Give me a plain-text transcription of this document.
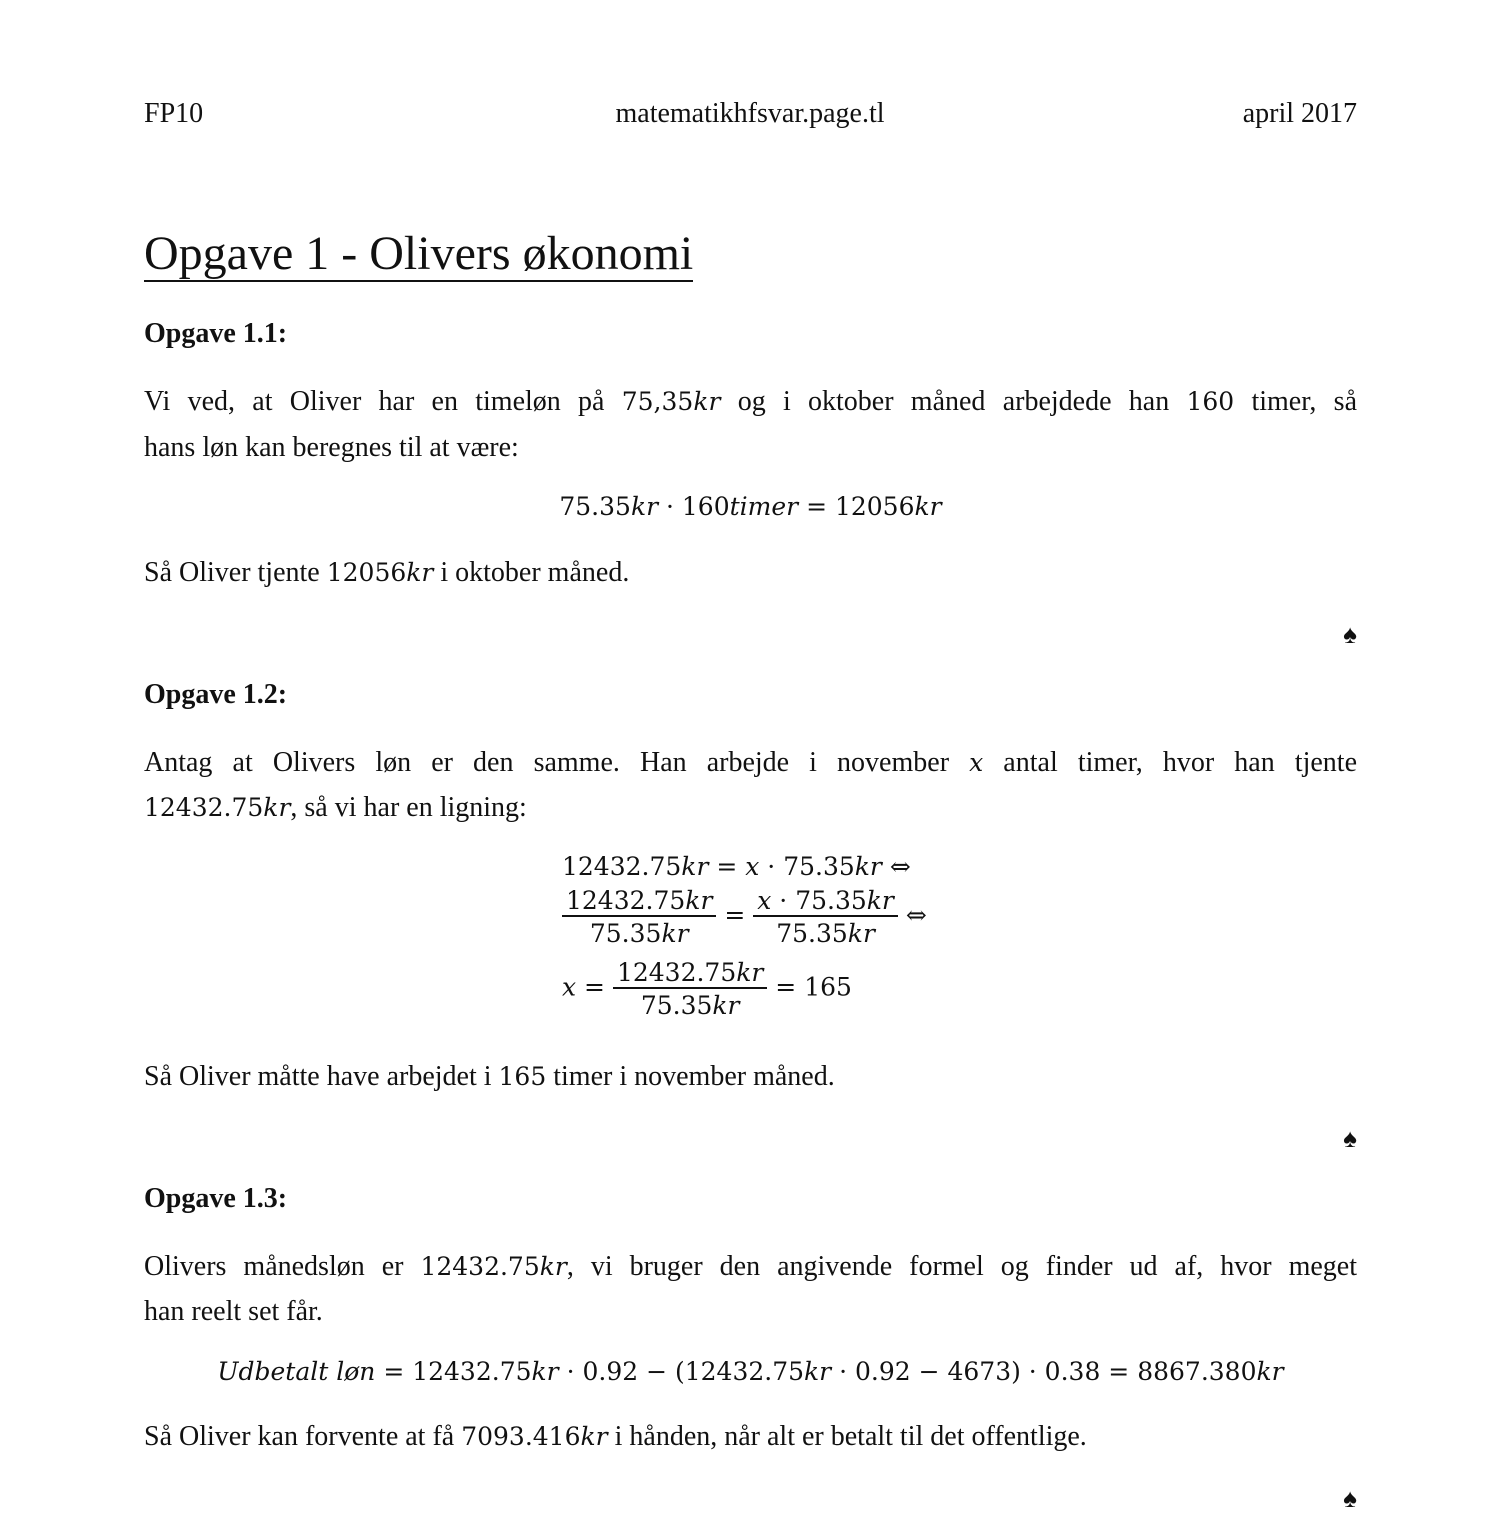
FP10	matematikhfsvar.page.tl	april 2017
Opgave 1 - Olivers økonomi
Opgave 1.1:
Vi ved, at Oliver har en timeløn på 75,35kr og i oktober måned arbejdede han 160 timer, så
hans løn kan beregnes til at være:
75.35kr · 160timer = 12056kr
Så Oliver tjente 12056kr i oktober måned.
♠
Opgave 1.2:
Antag at Olivers løn er den samme. Han arbejde i november x antal timer, hvor han tjente
12432.75kr, så vi har en ligning:
12432.75kr = x · 75.35kr ⇔
$\frac{12432.75kr}{75.35kr} = \frac{x \cdot 75.35kr}{75.35kr}$ ⇔
$x = \frac{12432.75kr}{75.35kr} = 165$
Så Oliver måtte have arbejdet i 165 timer i november måned.
♠
Opgave 1.3:
Olivers månedsløn er 12432.75kr, vi bruger den angivende formel og finder ud af, hvor meget
han reelt set får.
Udbetalt løn = 12432.75kr · 0.92 − (12432.75kr · 0.92 − 4673) · 0.38 = 8867.380kr
Så Oliver kan forvente at få 7093.416kr i hånden, når alt er betalt til det offentlige.
♠
